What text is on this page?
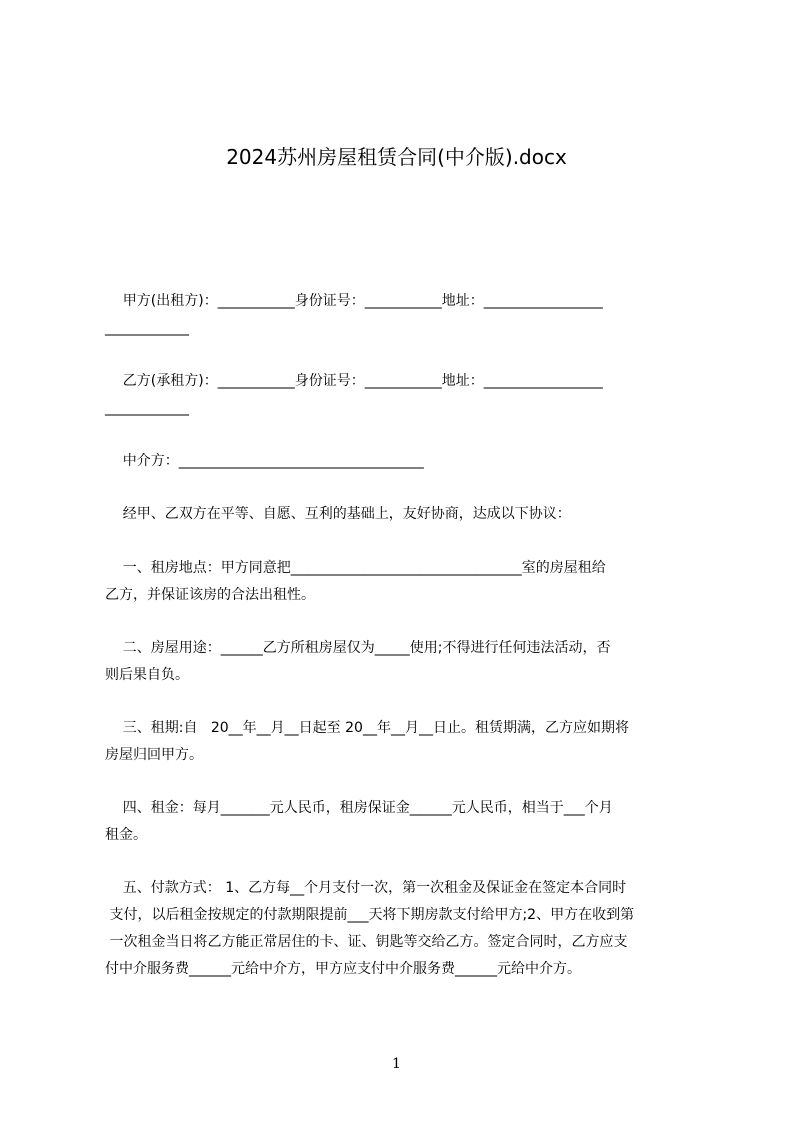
2024苏州房屋租赁合同(中介版).docx
甲方(出租方)：___________身份证号：___________地址：_________________
____________
乙方(承租方)：___________身份证号：___________地址：_________________
____________
中介方：___________________________________
经甲、乙双方在平等、自愿、互利的基础上，友好协商，达成以下协议：
一、租房地点：甲方同意把_________________________________室的房屋租给
乙方，并保证该房的合法出租性。
二、房屋用途：______乙方所租房屋仅为_____使用;不得进行任何违法活动，否
则后果自负。
三、租期:自   20__年__月__日起至 20__年__月__日止。租赁期满，乙方应如期将
房屋归回甲方。
四、租金：每月_______元人民币，租房保证金______元人民币，相当于___个月
租金。
五、付款方式： 1、乙方每__个月支付一次，第一次租金及保证金在签定本合同时
支付，以后租金按规定的付款期限提前___天将下期房款支付给甲方;2、甲方在收到第
一次租金当日将乙方能正常居住的卡、证、钥匙等交给乙方。签定合同时，乙方应支
付中介服务费______元给中介方，甲方应支付中介服务费______元给中介方。
1
